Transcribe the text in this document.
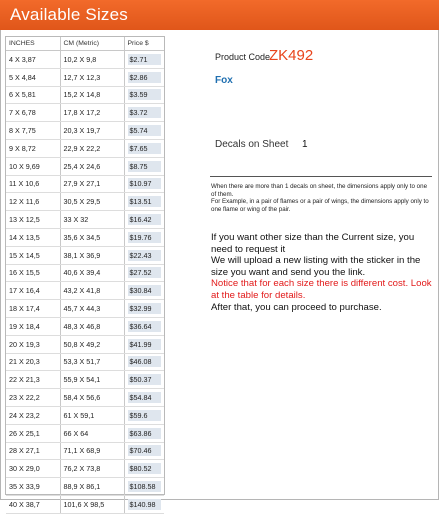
Available Sizes
INCHES	CM (Metric)	Price $
4 X 3,87	10,2 X 9,8	$2.71
5 X 4,84	12,7 X 12,3	$2.86
6 X 5,81	15,2 X 14,8	$3.59
7 X 6,78	17,8 X 17,2	$3.72
8 X 7,75	20,3 X 19,7	$5.74
9 X 8,72	22,9 X 22,2	$7.65
10 X 9,69	25,4 X 24,6	$8.75
11 X 10,6	27,9 X 27,1	$10.97
12 X 11,6	30,5 X 29,5	$13.51
13 X 12,5	33 X 32	$16.42
14 X 13,5	35,6 X 34,5	$19.76
15 X 14,5	38,1 X 36,9	$22.43
16 X 15,5	40,6 X 39,4	$27.52
17 X 16,4	43,2 X 41,8	$30.84
18 X 17,4	45,7 X 44,3	$32.99
19 X 18,4	48,3 X 46,8	$36.64
20 X 19,3	50,8 X 49,2	$41.99
21 X 20,3	53,3 X 51,7	$46.08
22 X 21,3	55,9 X 54,1	$50.37
23 X 22,2	58,4 X 56,6	$54.84
24 X 23,2	61 X 59,1	$59.6
26 X 25,1	66 X 64	$63.86
28 X 27,1	71,1 X 68,9	$70.46
30 X 29,0	76,2 X 73,8	$80.52
35 X 33,9	88,9 X 86,1	$108.58
40 X 38,7	101,6 X 98,5	$140.98
Product Code
ZK492
Fox
Decals on Sheet 1

When there are more than 1 decals on sheet, the dimensions apply only to one of them.

For Example, in a pair of flames or a pair of wings, the dimensions apply only to one flame or wing of the pair.

If you want other size than the Current size, you need to request it

We will upload a new listing with the sticker in the size you want and send you the link.

Notice that for each size there is different cost. Look at the table for details.

After that, you can proceed to purchase.
